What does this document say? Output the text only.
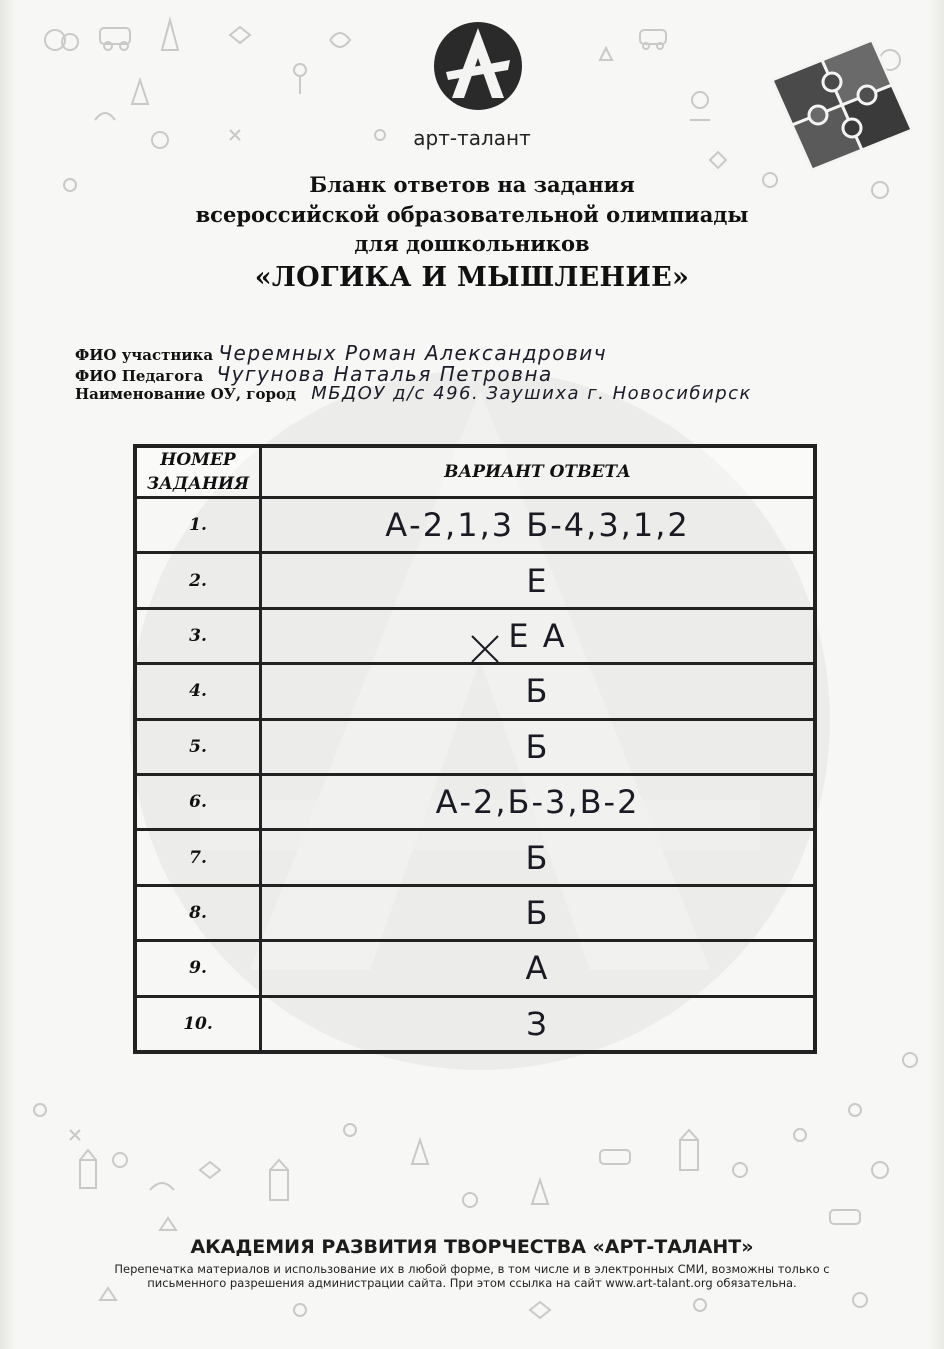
арт-талант
Бланк ответов на задания
всероссийской образовательной олимпиады
для дошкольников
«ЛОГИКА И МЫШЛЕНИЕ»
ФИО участника Черемных Роман Александрович
ФИО Педагога Чугунова Наталья Петровна
Наименование ОУ, город МБДОУ д/с 496. Заушиха г. Новосибирск
НОМЕР ЗАДАНИЯ	ВАРИАНТ ОТВЕТА
1.	А-2,1,3 Б-4,3,1,2
2.	Е
3.	Е А
4.	Б
5.	Б
6.	А-2,Б-3,В-2
7.	Б
8.	Б
9.	А
10.	З
АКАДЕМИЯ РАЗВИТИЯ ТВОРЧЕСТВА «АРТ-ТАЛАНТ»
Перепечатка материалов и использование их в любой форме, в том числе и в электронных СМИ, возможны только с письменного разрешения администрации сайта. При этом ссылка на сайт www.art-talant.org обязательна.
